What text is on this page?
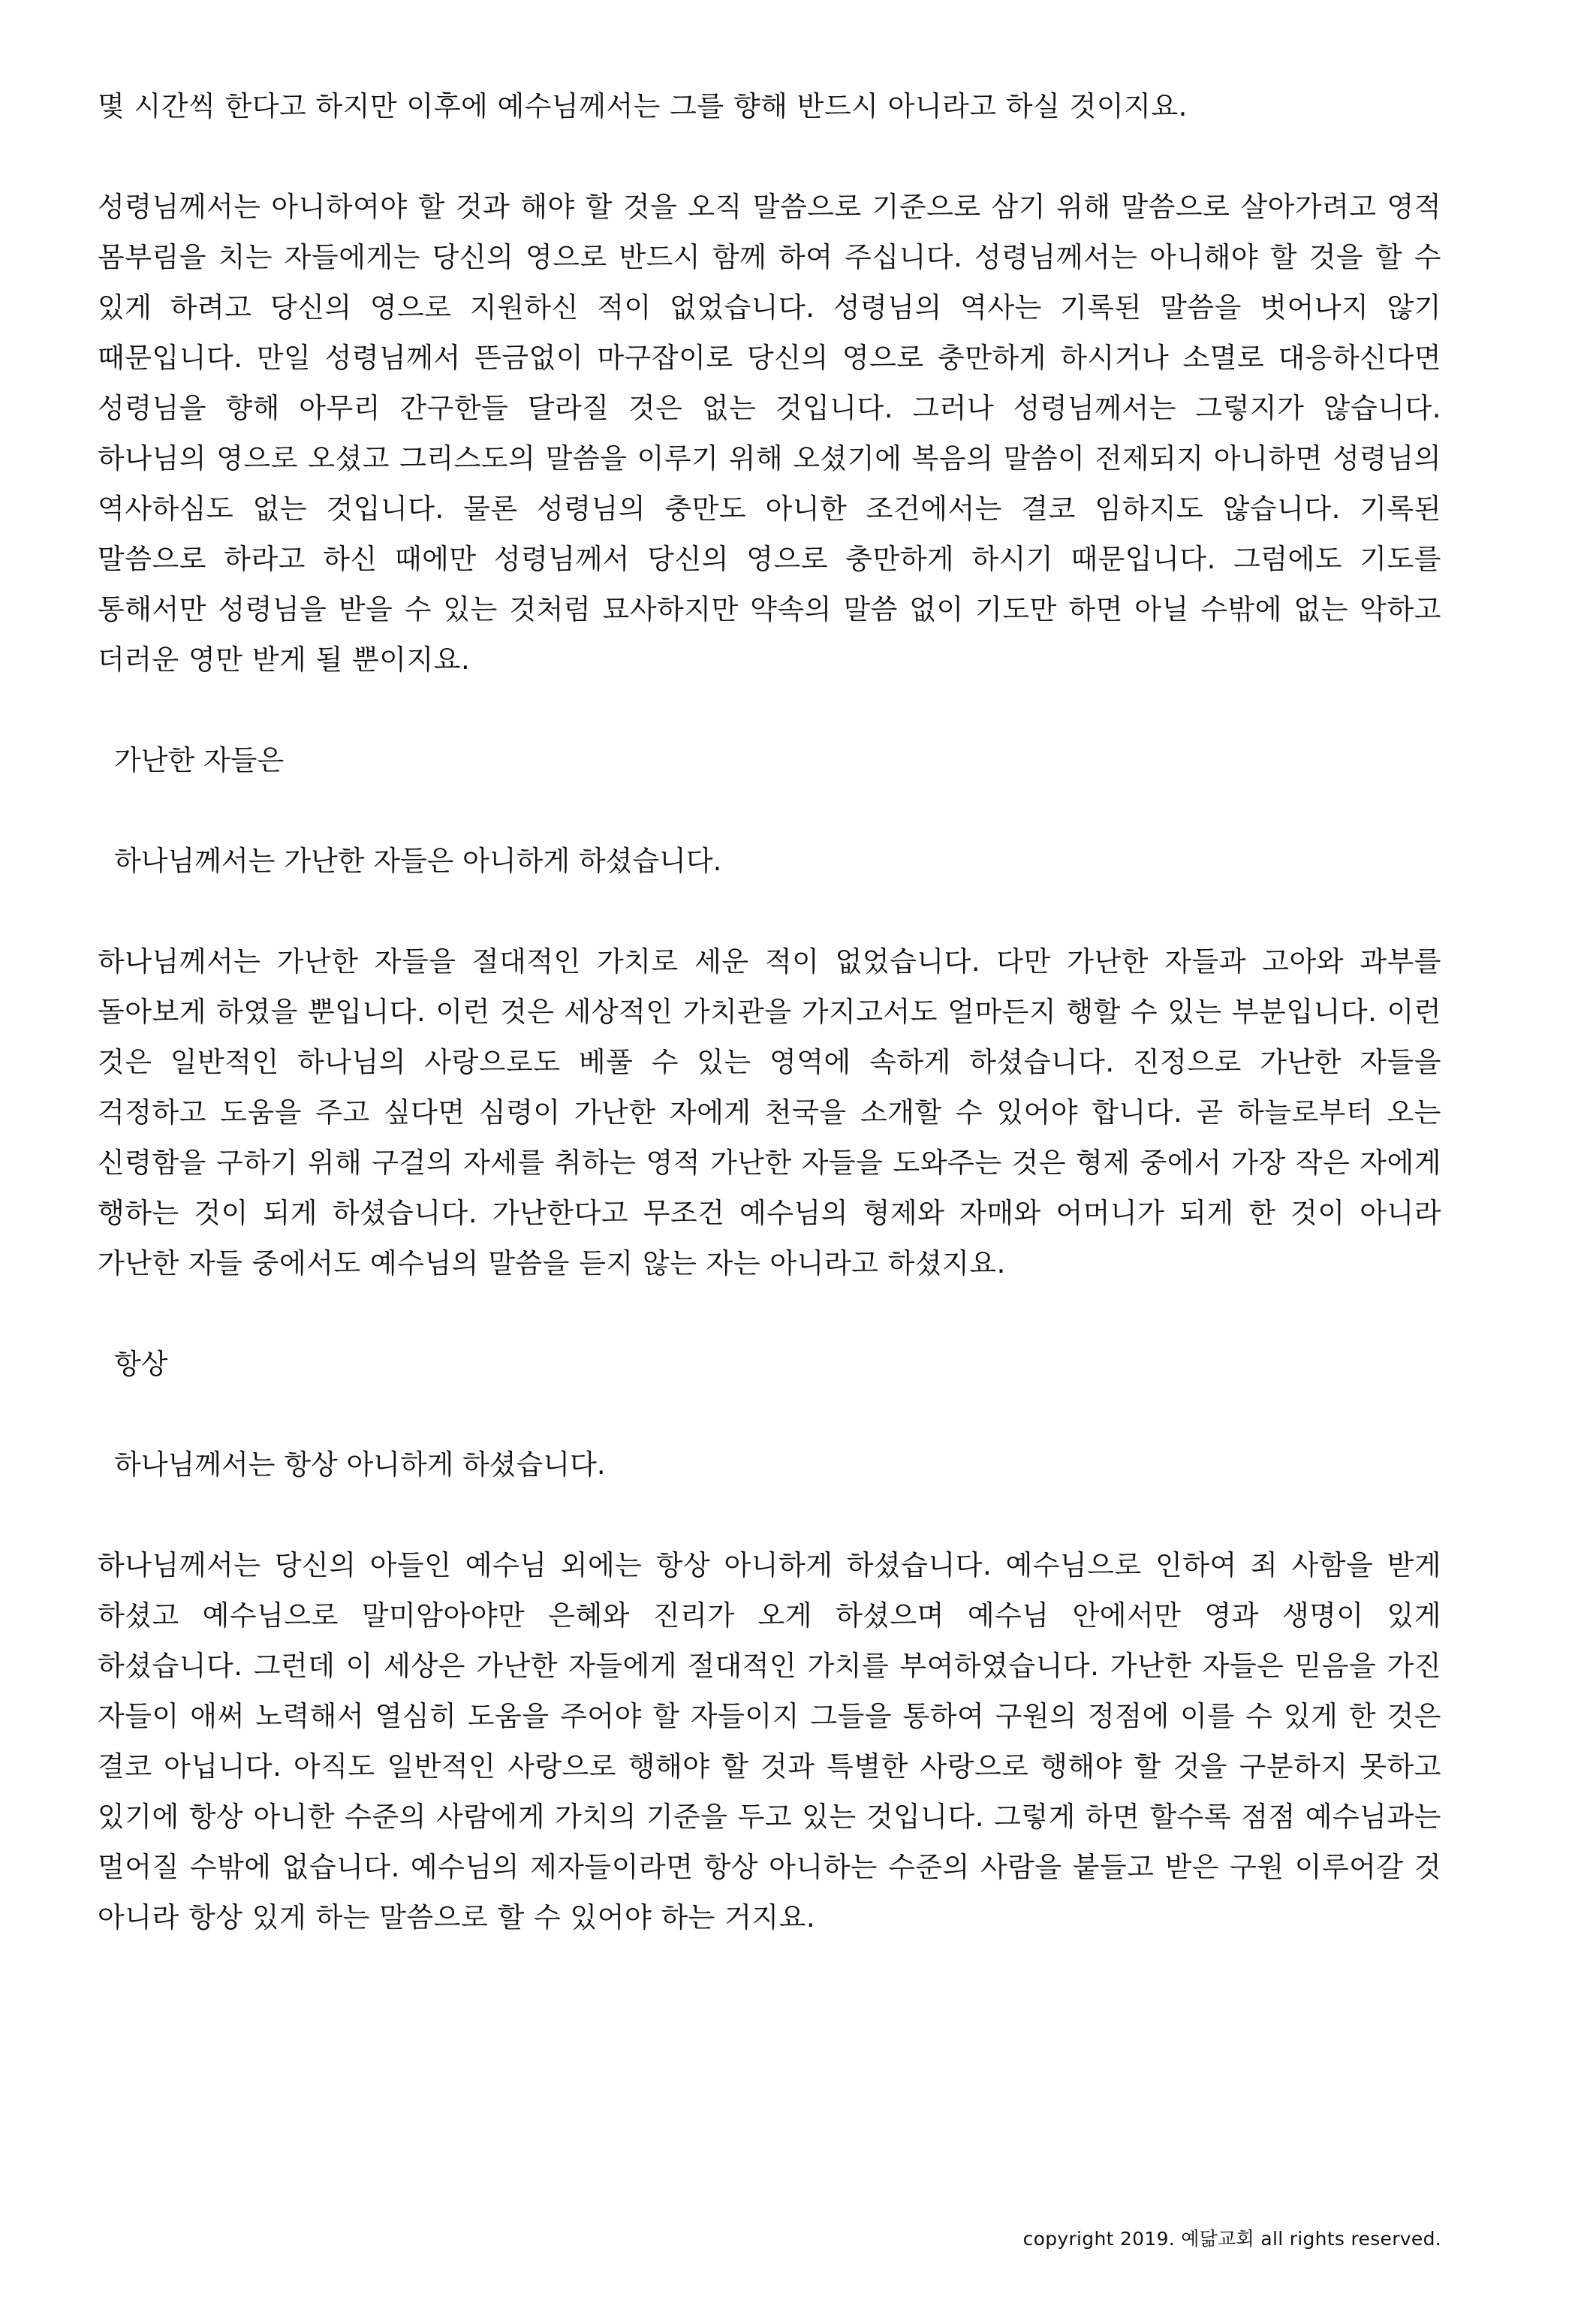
몇 시간씩 한다고 하지만 이후에 예수님께서는 그를 향해 반드시 아니라고 하실 것이지요.

성령님께서는 아니하여야 할 것과 해야 할 것을 오직 말씀으로 기준으로 삼기 위해 말씀으로 살아가려고 영적 몸부림을 치는 자들에게는 당신의 영으로 반드시 함께 하여 주십니다. 성령님께서는 아니해야 할 것을 할 수 있게 하려고 당신의 영으로 지원하신 적이 없었습니다. 성령님의 역사는 기록된 말씀을 벗어나지 않기 때문입니다. 만일 성령님께서 뜬금없이 마구잡이로 당신의 영으로 충만하게 하시거나 소멸로 대응하신다면 성령님을 향해 아무리 간구한들 달라질 것은 없는 것입니다. 그러나 성령님께서는 그렇지가 않습니다. 하나님의 영으로 오셨고 그리스도의 말씀을 이루기 위해 오셨기에 복음의 말씀이 전제되지 아니하면 성령님의 역사하심도 없는 것입니다. 물론 성령님의 충만도 아니한 조건에서는 결코 임하지도 않습니다. 기록된 말씀으로 하라고 하신 때에만 성령님께서 당신의 영으로 충만하게 하시기 때문입니다. 그럼에도 기도를 통해서만 성령님을 받을 수 있는 것처럼 묘사하지만 약속의 말씀 없이 기도만 하면 아닐 수밖에 없는 악하고 더러운 영만 받게 될 뿐이지요.

가난한 자들은

하나님께서는 가난한 자들은 아니하게 하셨습니다.

하나님께서는 가난한 자들을 절대적인 가치로 세운 적이 없었습니다. 다만 가난한 자들과 고아와 과부를 돌아보게 하였을 뿐입니다. 이런 것은 세상적인 가치관을 가지고서도 얼마든지 행할 수 있는 부분입니다. 이런 것은 일반적인 하나님의 사랑으로도 베풀 수 있는 영역에 속하게 하셨습니다. 진정으로 가난한 자들을 걱정하고 도움을 주고 싶다면 심령이 가난한 자에게 천국을 소개할 수 있어야 합니다. 곧 하늘로부터 오는 신령함을 구하기 위해 구걸의 자세를 취하는 영적 가난한 자들을 도와주는 것은 형제 중에서 가장 작은 자에게 행하는 것이 되게 하셨습니다. 가난한다고 무조건 예수님의 형제와 자매와 어머니가 되게 한 것이 아니라 가난한 자들 중에서도 예수님의 말씀을 듣지 않는 자는 아니라고 하셨지요.

항상

하나님께서는 항상 아니하게 하셨습니다.

하나님께서는 당신의 아들인 예수님 외에는 항상 아니하게 하셨습니다. 예수님으로 인하여 죄 사함을 받게 하셨고 예수님으로 말미암아야만 은혜와 진리가 오게 하셨으며 예수님 안에서만 영과 생명이 있게 하셨습니다. 그런데 이 세상은 가난한 자들에게 절대적인 가치를 부여하였습니다. 가난한 자들은 믿음을 가진 자들이 애써 노력해서 열심히 도움을 주어야 할 자들이지 그들을 통하여 구원의 정점에 이를 수 있게 한 것은 결코 아닙니다. 아직도 일반적인 사랑으로 행해야 할 것과 특별한 사랑으로 행해야 할 것을 구분하지 못하고 있기에 항상 아니한 수준의 사람에게 가치의 기준을 두고 있는 것입니다. 그렇게 하면 할수록 점점 예수님과는 멀어질 수밖에 없습니다. 예수님의 제자들이라면 항상 아니하는 수준의 사람을 붙들고 받은 구원 이루어갈 것 아니라 항상 있게 하는 말씀으로 할 수 있어야 하는 거지요.

copyright 2019. 예닮교회 all rights reserved.
